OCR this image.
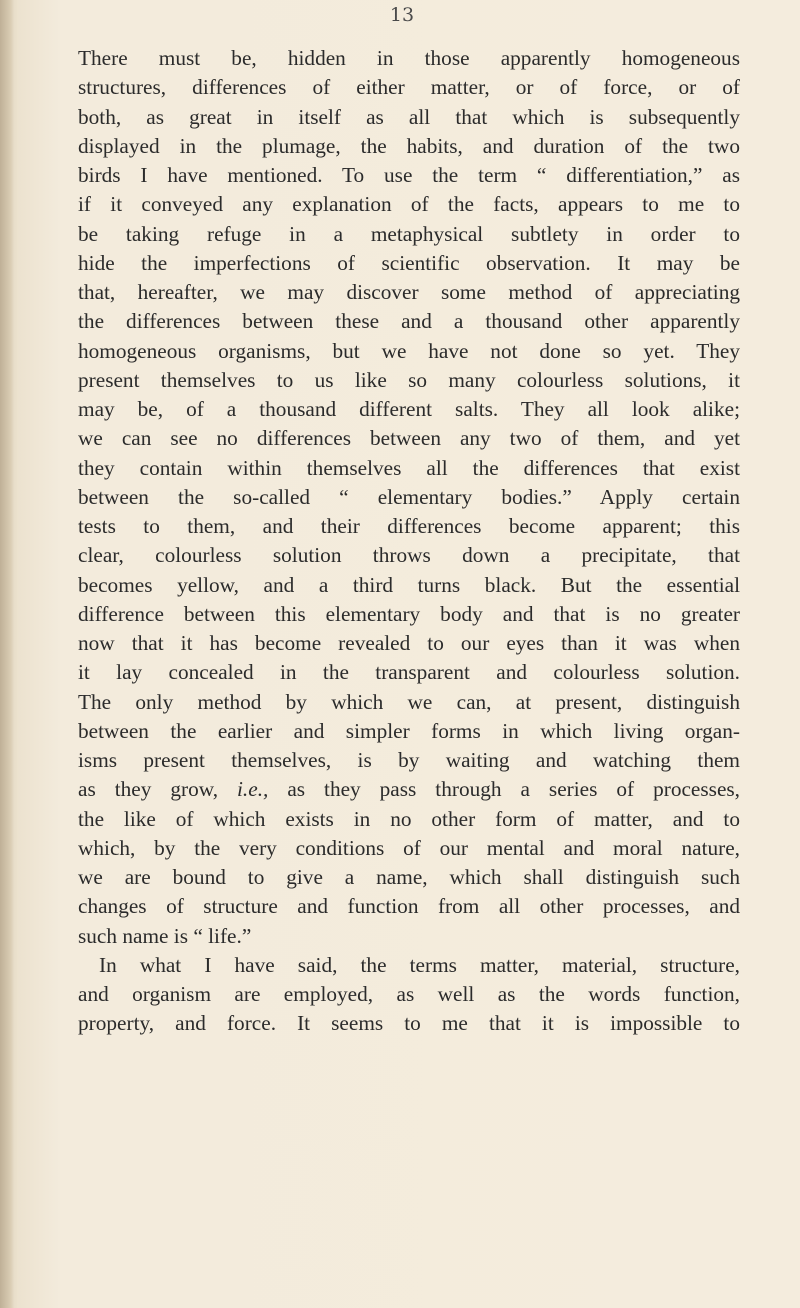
13
There must be, hidden in those apparently homogeneous
structures, differences of either matter, or of force, or of
both, as great in itself as all that which is subsequently
displayed in the plumage, the habits, and duration of the two
birds I have mentioned. To use the term “ differentiation,” as
if it conveyed any explanation of the facts, appears to me to
be taking refuge in a metaphysical subtlety in order to
hide the imperfections of scientific observation. It may be
that, hereafter, we may discover some method of appreciating
the differences between these and a thousand other apparently
homogeneous organisms, but we have not done so yet. They
present themselves to us like so many colourless solutions, it
may be, of a thousand different salts. They all look alike;
we can see no differences between any two of them, and yet
they contain within themselves all the differences that exist
between the so-called “ elementary bodies.” Apply certain
tests to them, and their differences become apparent; this
clear, colourless solution throws down a precipitate, that
becomes yellow, and a third turns black. But the essential
difference between this elementary body and that is no greater
now that it has become revealed to our eyes than it was when
it lay concealed in the transparent and colourless solution.
The only method by which we can, at present, distinguish
between the earlier and simpler forms in which living organ-
isms present themselves, is by waiting and watching them
as they grow, i.e., as they pass through a series of processes,
the like of which exists in no other form of matter, and to
which, by the very conditions of our mental and moral nature,
we are bound to give a name, which shall distinguish such
changes of structure and function from all other processes, and
such name is “ life.”
In what I have said, the terms matter, material, structure,
and organism are employed, as well as the words function,
property, and force. It seems to me that it is impossible to
